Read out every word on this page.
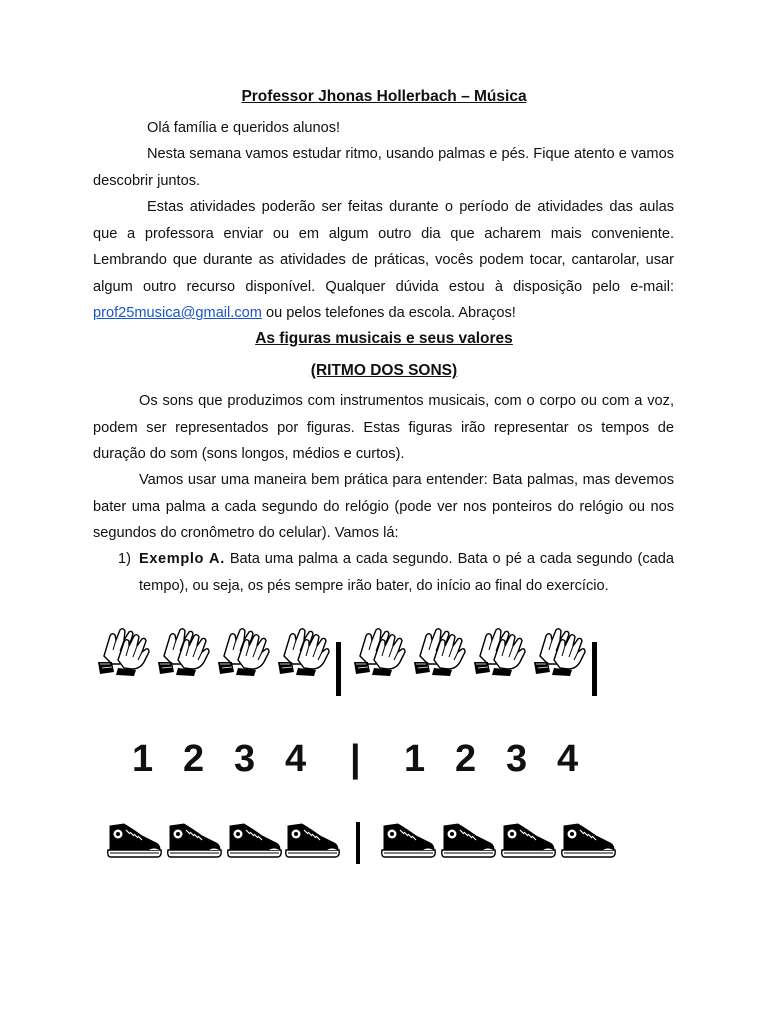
Professor Jhonas Hollerbach – Música
Olá família e queridos alunos!
Nesta semana vamos estudar ritmo, usando palmas e pés. Fique atento e vamos descobrir juntos.
Estas atividades poderão ser feitas durante o período de atividades das aulas que a professora enviar ou em algum outro dia que acharem mais conveniente. Lembrando que durante as atividades de práticas, vocês podem tocar, cantarolar, usar algum outro recurso disponível. Qualquer dúvida estou à disposição pelo e-mail: prof25musica@gmail.com ou pelos telefones da escola. Abraços!
As figuras musicais e seus valores
(RITMO DOS SONS)
Os sons que produzimos com instrumentos musicais, com o corpo ou com a voz, podem ser representados por figuras. Estas figuras irão representar os tempos de duração do som (sons longos, médios e curtos).
Vamos usar uma maneira bem prática para entender: Bata palmas, mas devemos bater uma palma a cada segundo do relógio (pode ver nos ponteiros do relógio ou nos segundos do cronômetro do celular). Vamos lá:
1) Exemplo A. Bata uma palma a cada segundo. Bata o pé a cada segundo (cada tempo), ou seja, os pés sempre irão bater, do início ao final do exercício.
1 2 3 4 | 1 2 3 4
